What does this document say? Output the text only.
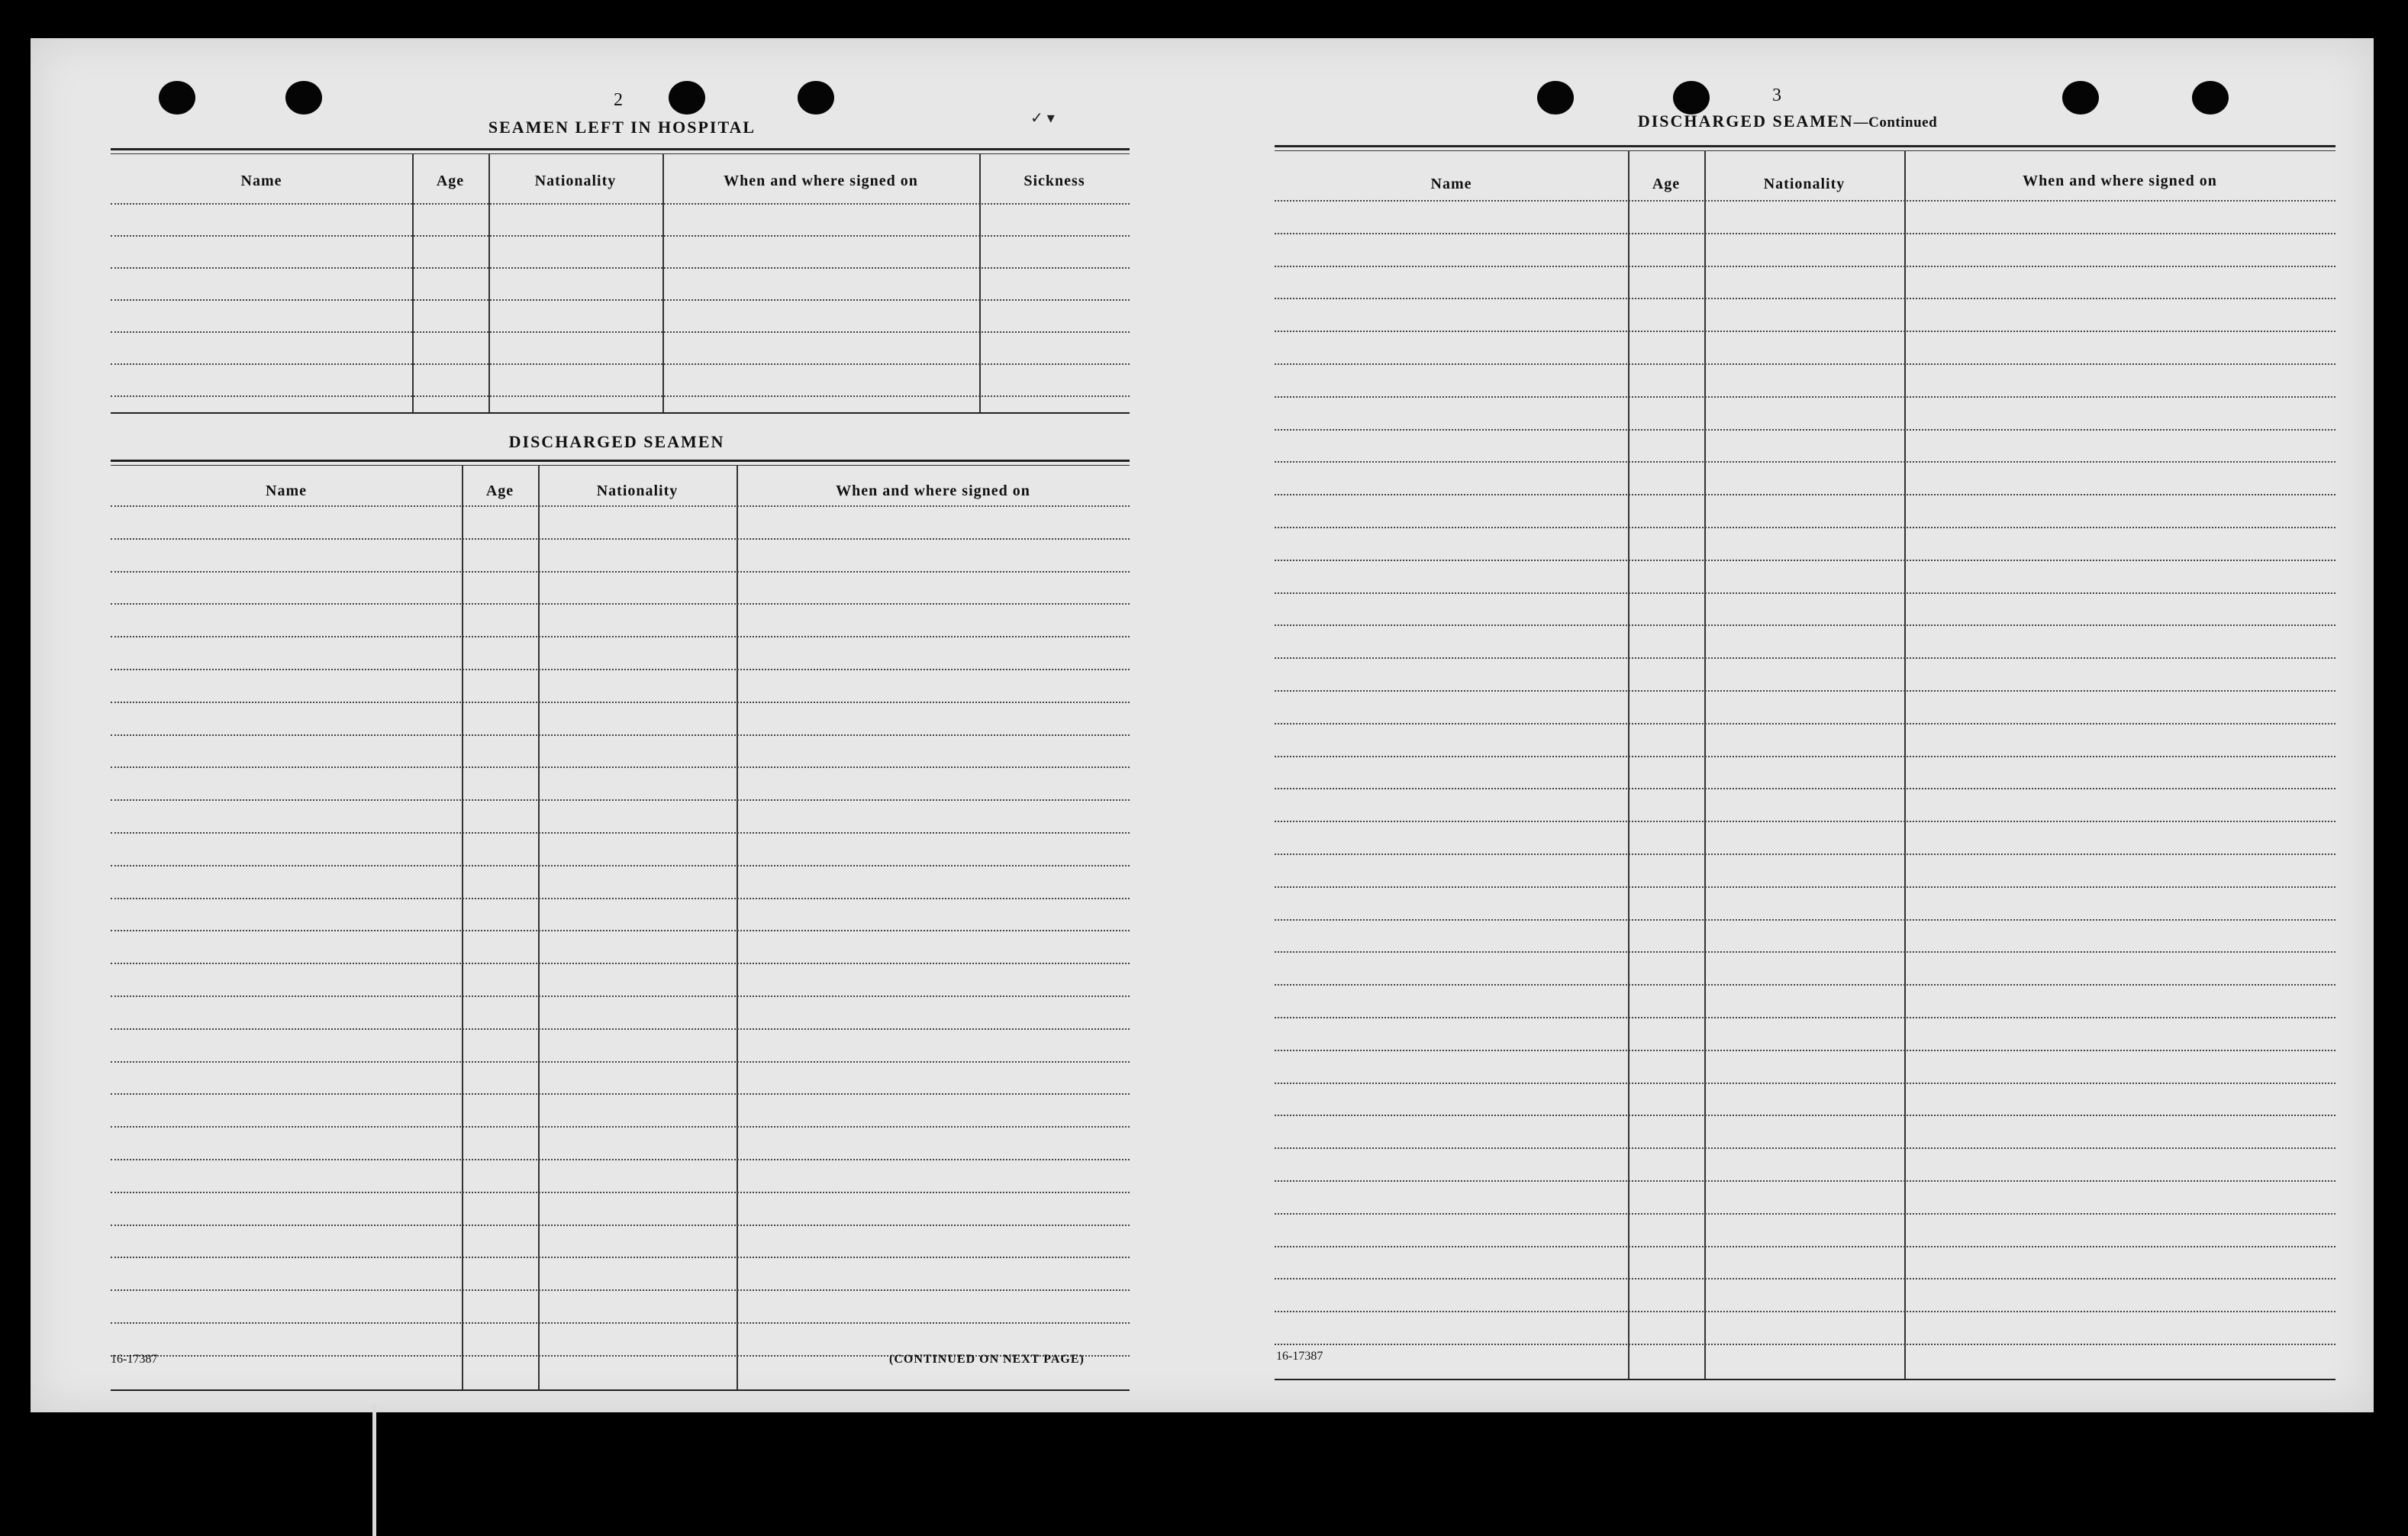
2
SEAMEN LEFT IN HOSPITAL	✓ ▾
Name	Age	Nationality	When and where signed on	Sickness
DISCHARGED SEAMEN
Name	Age	Nationality	When and where signed on
16-17387	(CONTINUED ON NEXT PAGE)
3
DISCHARGED SEAMEN—Continued
Name	Age	Nationality	When and where signed on
16-17387
